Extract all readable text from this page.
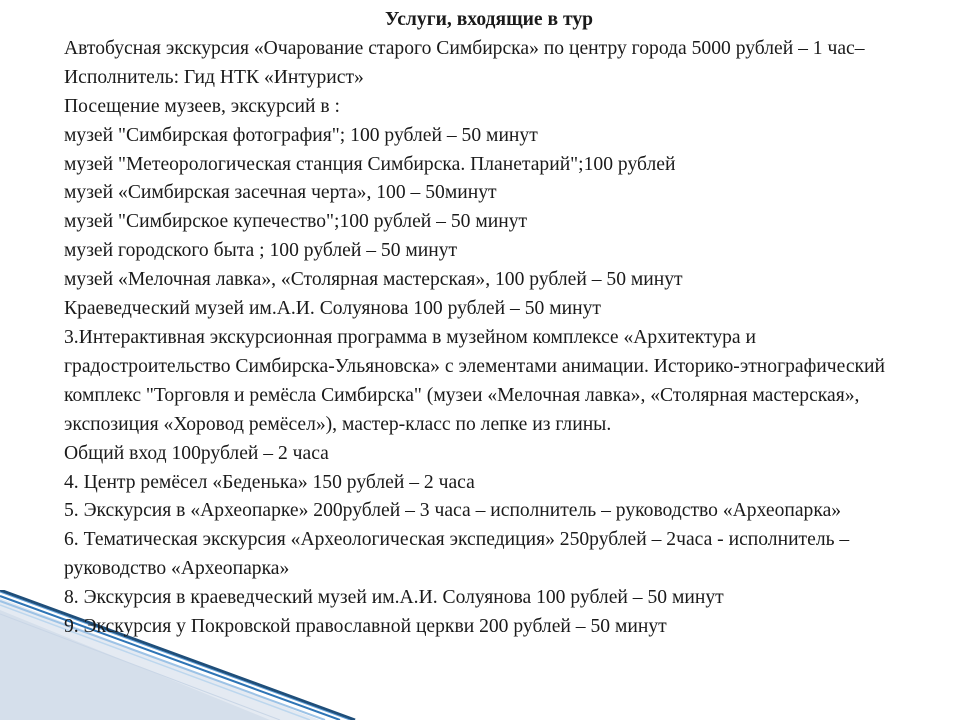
Услуги, входящие в тур

Автобусная экскурсия «Очарование старого Симбирска» по центру города 5000 рублей – 1 час– Исполнитель: Гид НТК «Интурист»

Посещение музеев, экскурсий в :

музей "Симбирская фотография"; 100 рублей – 50 минут

музей "Метеорологическая станция Симбирска. Планетарий";100 рублей

музей «Симбирская засечная черта», 100 – 50минут

музей "Симбирское купечество";100 рублей – 50 минут

музей городского быта ; 100 рублей – 50 минут

музей «Мелочная лавка», «Столярная мастерская», 100 рублей – 50 минут

Краеведческий музей им.А.И. Солуянова 100 рублей – 50 минут

3.Интерактивная экскурсионная программа в музейном комплексе «Архитектура и градостроительство Симбирска-Ульяновска» с элементами анимации. Историко-этнографический комплекс "Торговля и ремёсла Симбирска" (музеи «Мелочная лавка», «Столярная мастерская», экспозиция «Хоровод ремёсел»), мастер-класс по лепке из глины.

Общий вход 100рублей – 2 часа

4. Центр ремёсел «Беденька» 150 рублей – 2 часа

5. Экскурсия в «Археопарке» 200рублей – 3 часа – исполнитель – руководство «Археопарка»

6. Тематическая экскурсия «Археологическая экспедиция» 250рублей – 2часа - исполнитель – руководство «Археопарка»

8. Экскурсия в краеведческий музей им.А.И. Солуянова 100 рублей – 50 минут

9. Экскурсия у Покровской православной церкви 200 рублей – 50 минут
